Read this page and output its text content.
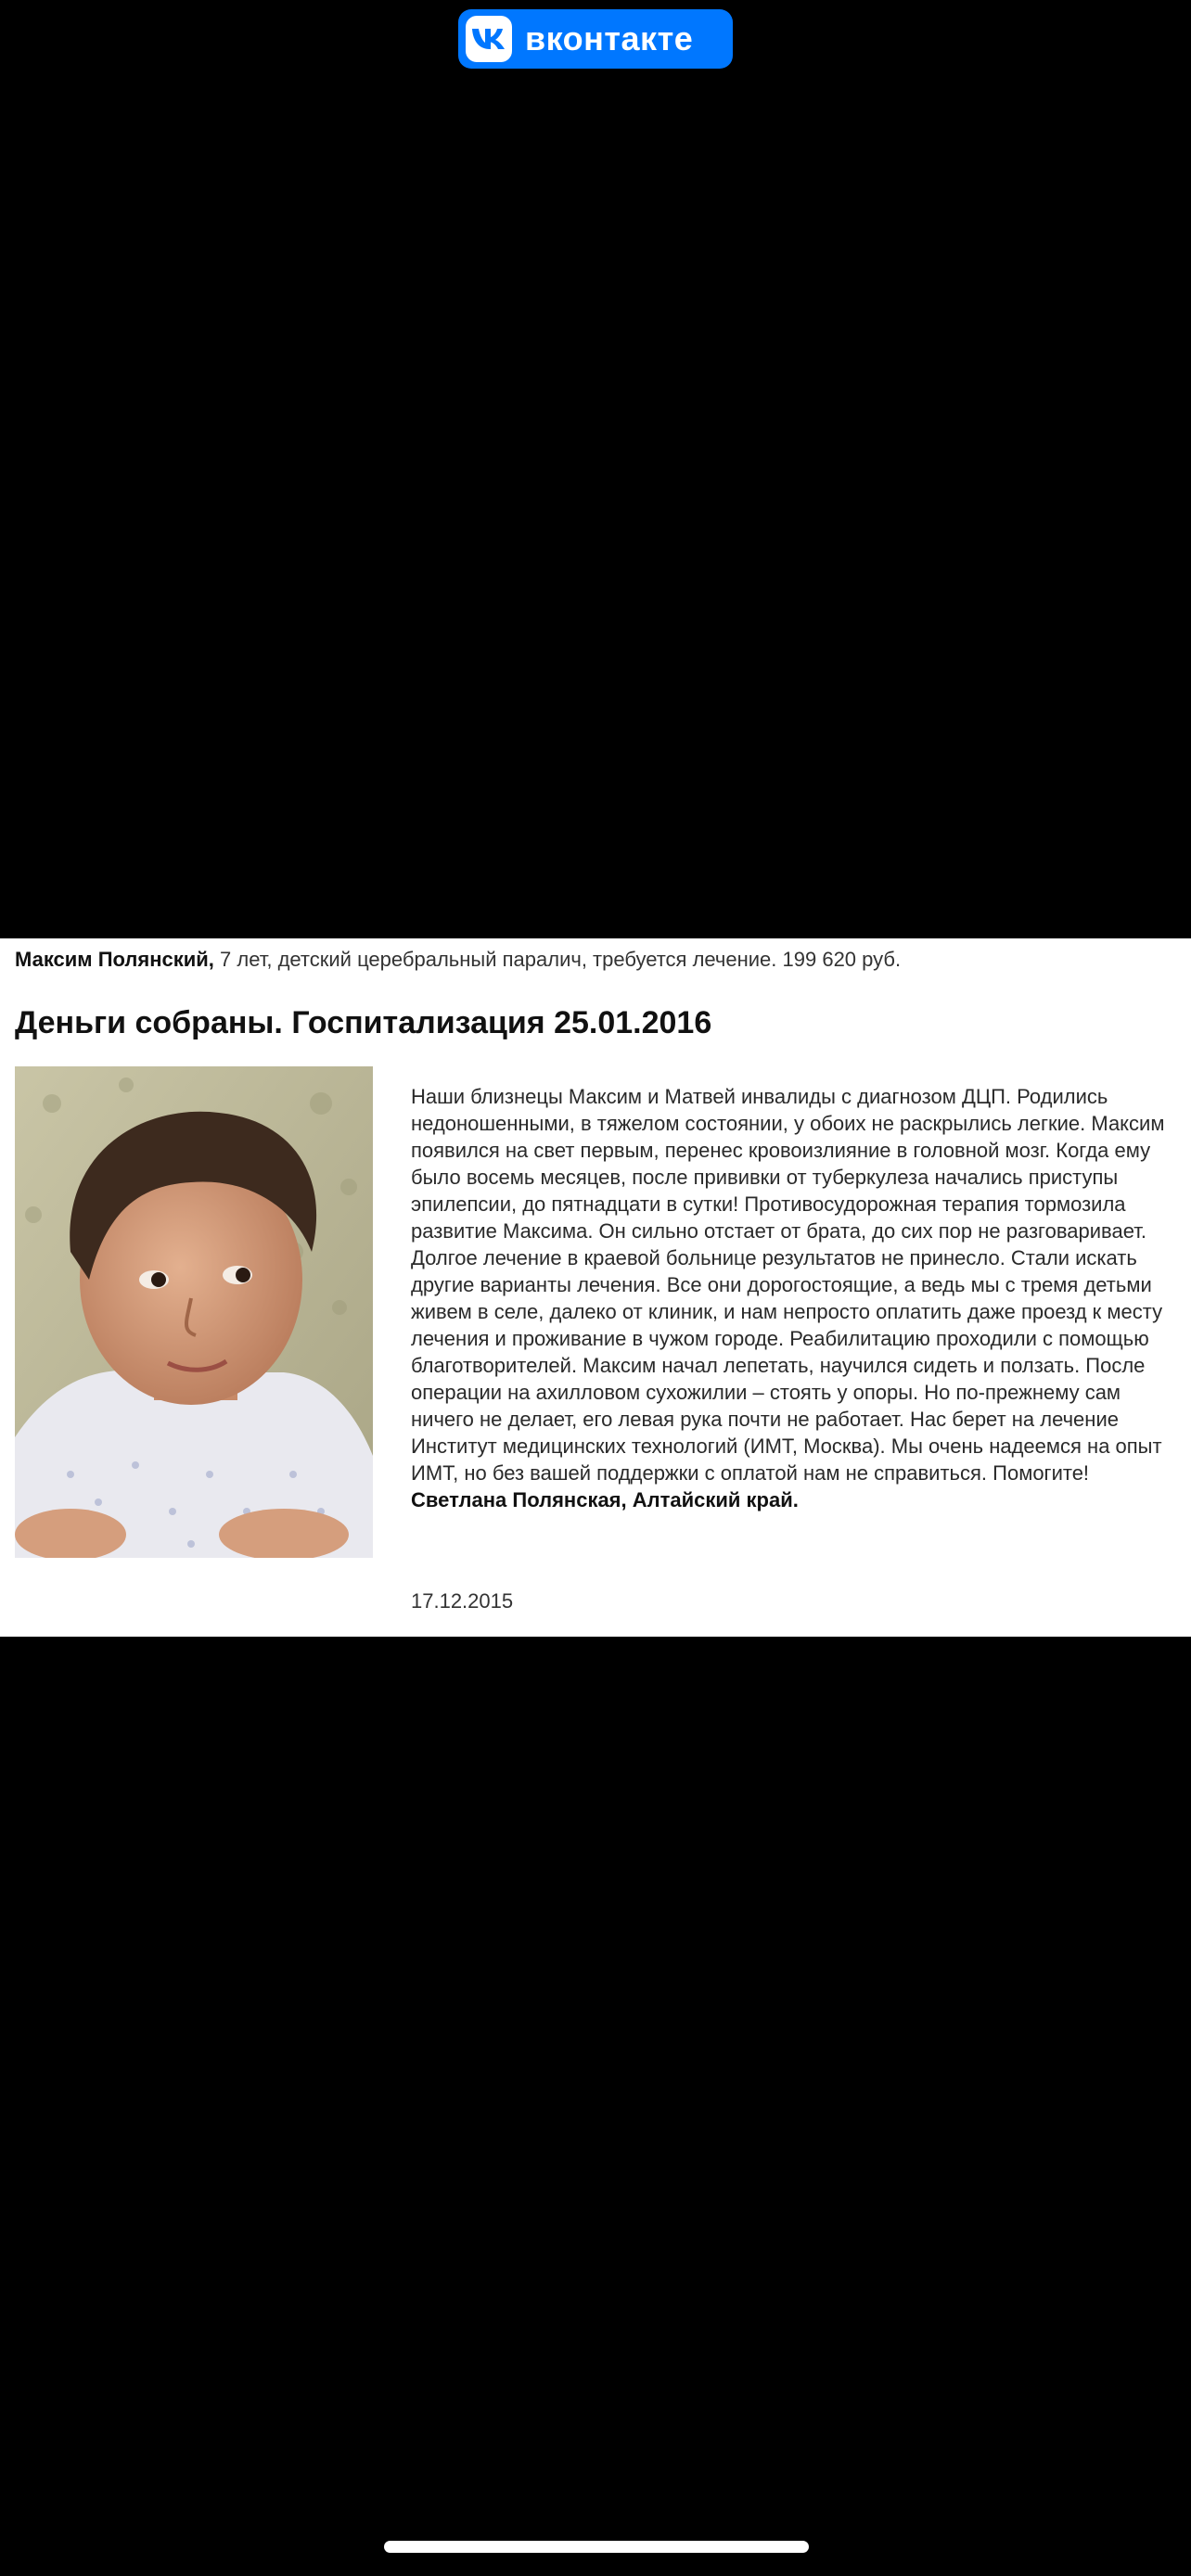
вконтакте
Максим Полянский, 7 лет, детский церебральный паралич, требуется лечение. 199 620 руб.
Деньги собраны. Госпитализация 25.01.2016

Наши близнецы Максим и Матвей инвалиды с диагнозом ДЦП. Родились недоношенными, в тяжелом состоянии, у обоих не раскрылись легкие. Максим появился на свет первым, перенес кровоизлияние в головной мозг. Когда ему было восемь месяцев, после прививки от туберкулеза начались приступы эпилепсии, до пятнадцати в сутки! Противосудорожная терапия тормозила развитие Максима. Он сильно отстает от брата, до сих пор не разговаривает. Долгое лечение в краевой больнице результатов не принесло. Стали искать другие варианты лечения. Все они дорогостоящие, а ведь мы с тремя детьми живем в селе, далеко от клиник, и нам непросто оплатить даже проезд к месту лечения и проживание в чужом городе. Реабилитацию проходили с помощью благотворителей. Максим начал лепетать, научился сидеть и ползать. После операции на ахилловом сухожилии – стоять у опоры. Но по-прежнему сам ничего не делает, его левая рука почти не работает. Нас берет на лечение Институт медицинских технологий (ИМТ, Москва). Мы очень надеемся на опыт ИМТ, но без вашей поддержки с оплатой нам не справиться. Помогите! Светлана Полянская, Алтайский край.

17.12.2015
